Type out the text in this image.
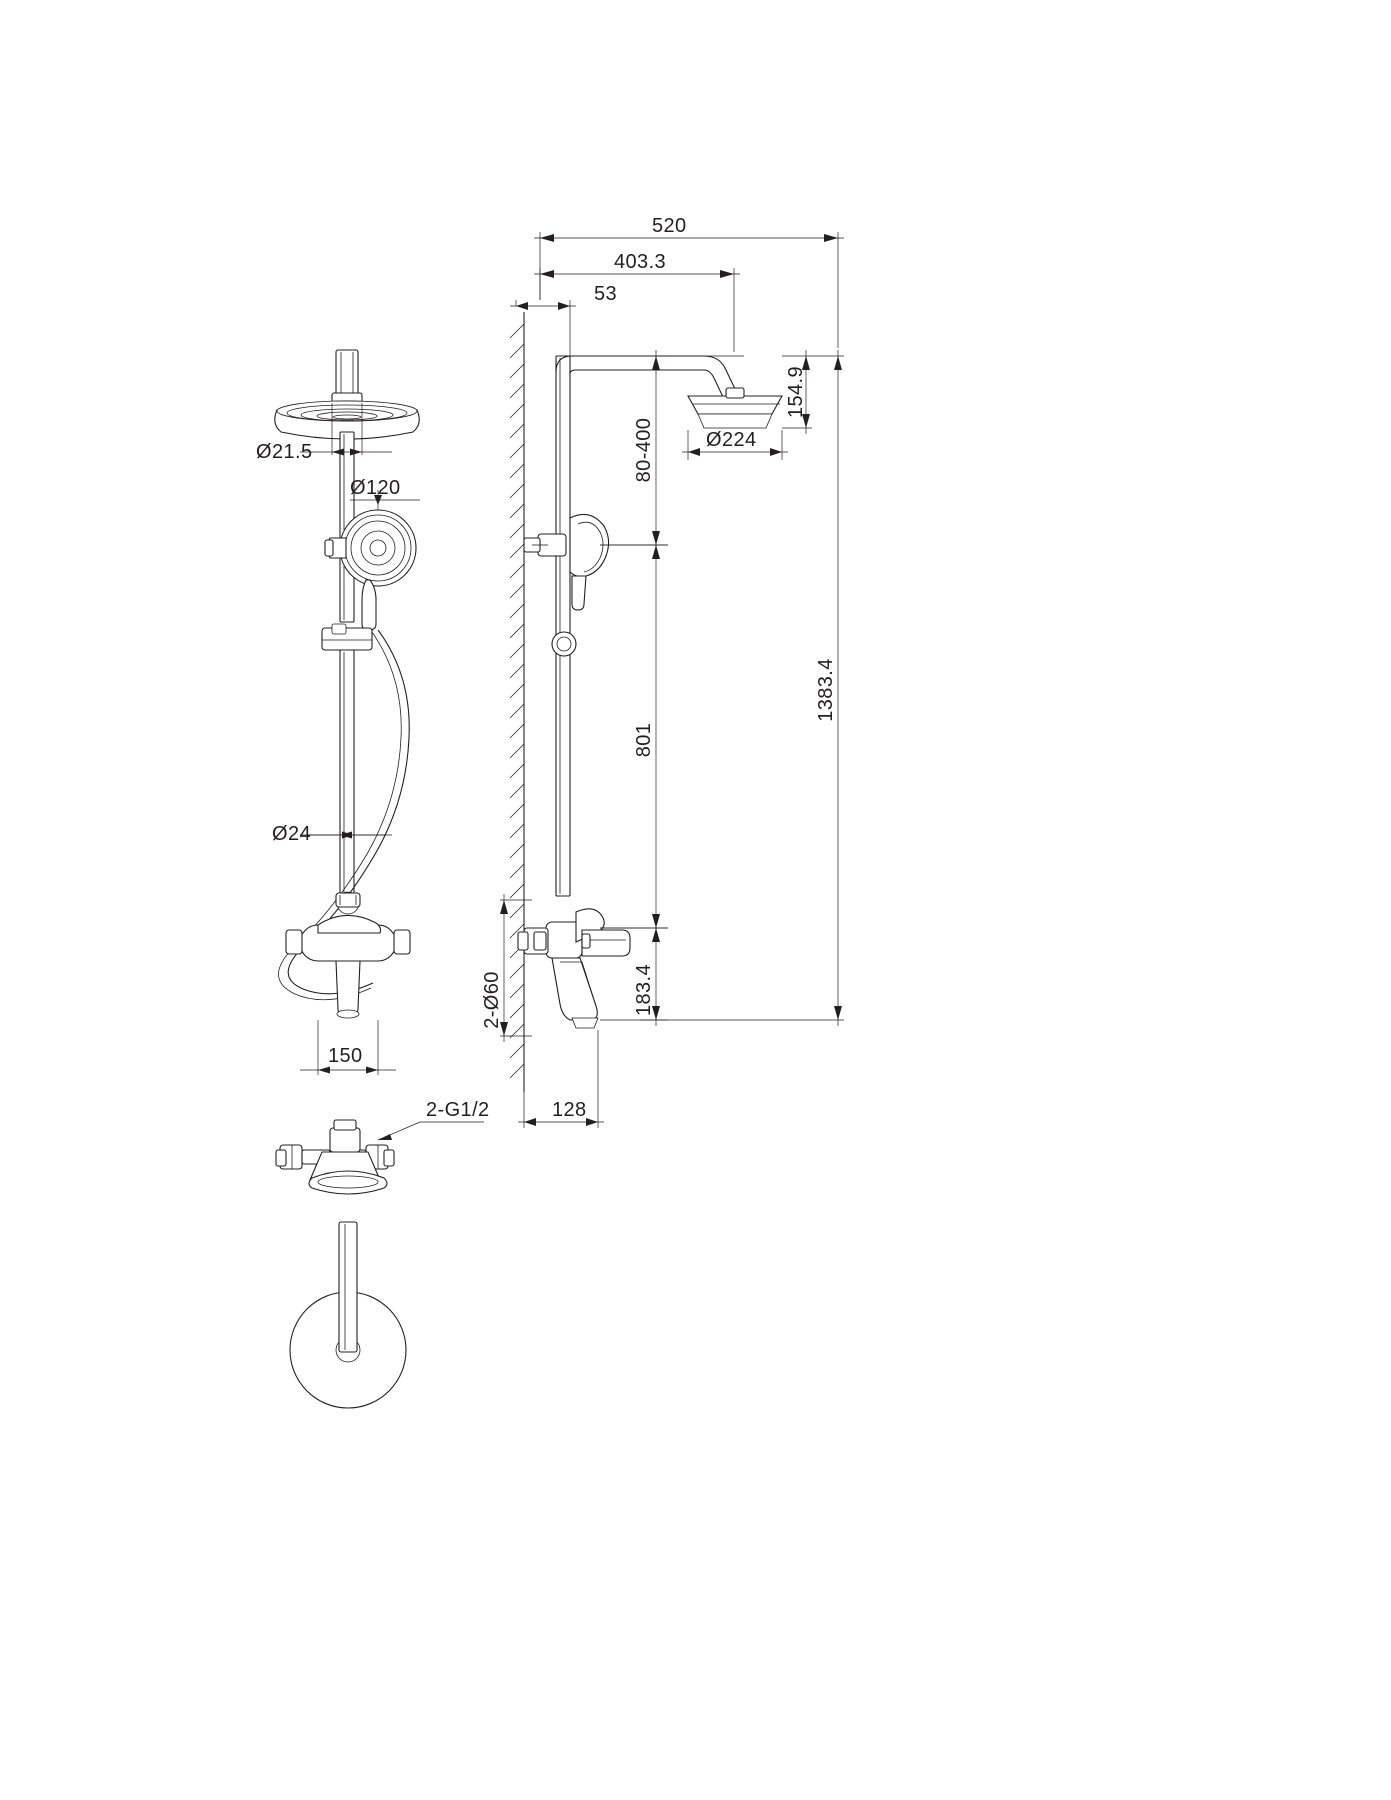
Ø21.5
Ø120
Ø24
150
2-G1/2
520
403.3
53
154.9
Ø224
80-400
801
1383.4
183.4
2-Ø60
128
